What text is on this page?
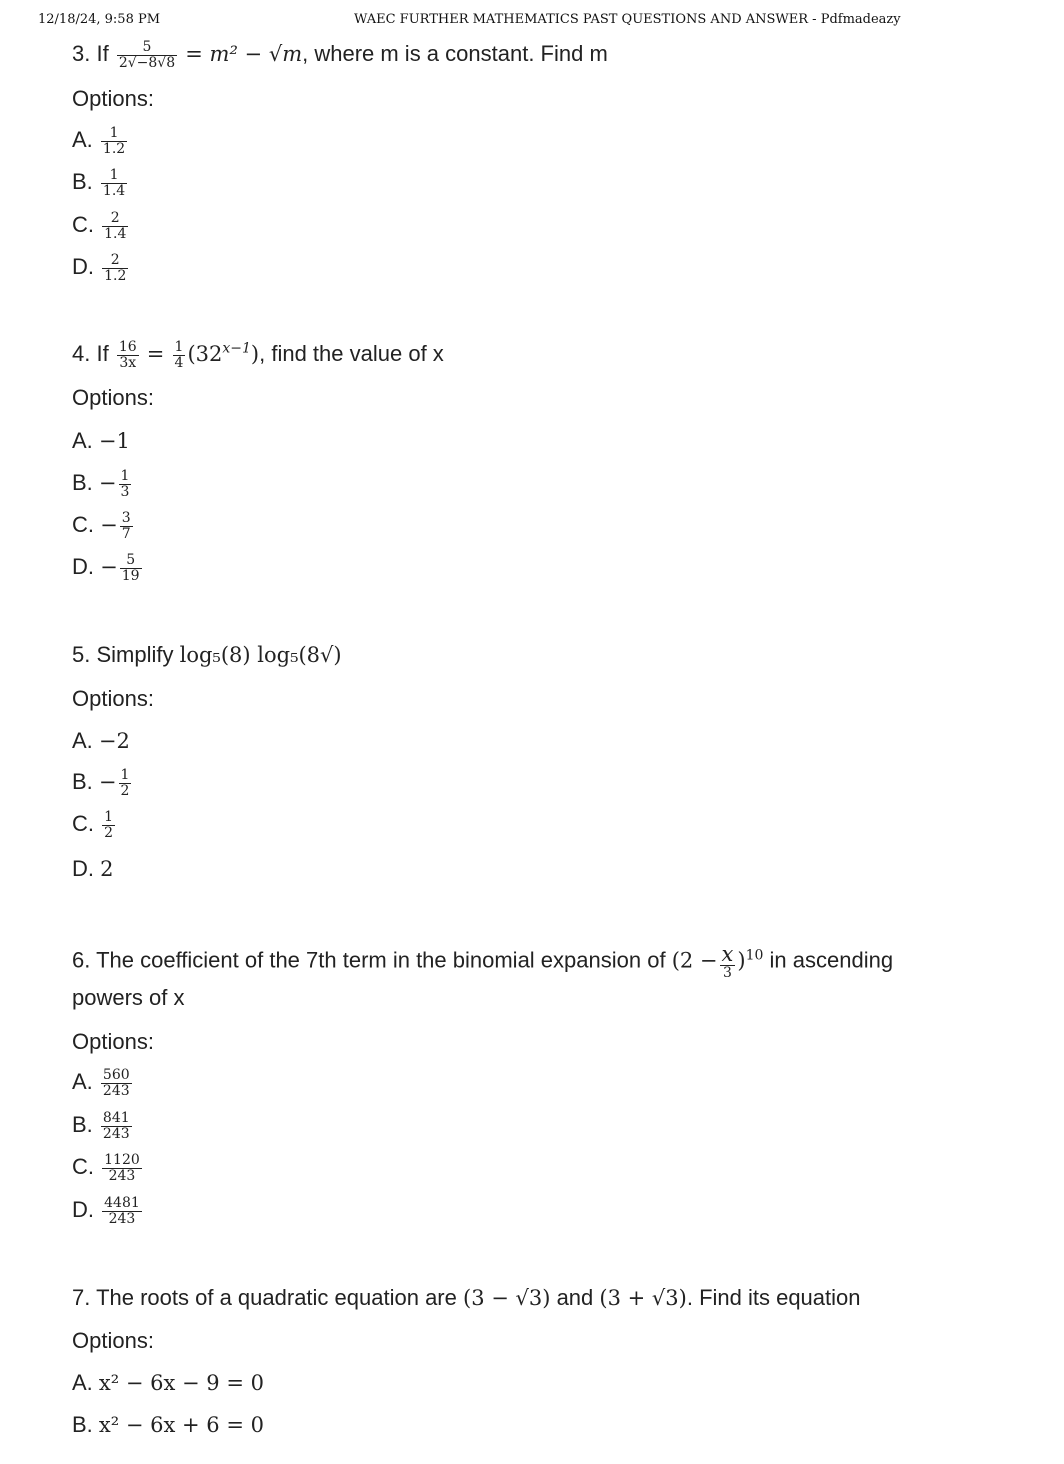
12/18/24, 9:58 PM	WAEC FURTHER MATHEMATICS PAST QUESTIONS AND ANSWER - Pdfmadeazy
3. If $\frac{5}{2√-8√8} = m^2 - √m$, where m is a constant. Find m
Options:
A. $\frac{1}{1.2}$
B. $\frac{1}{1.4}$
C. $\frac{2}{1.4}$
D. $\frac{2}{1.2}$
4. If $\frac{16}{3x} = \frac{1}{4} (32^{x-1})$, find the value of x
Options:
A. −1
B. − $\frac{1}{3}$
C. − $\frac{3}{7}$
D. − $\frac{5}{19}$
5. Simplify log₅(8) log₅(8√)
Options:
A. −2
B. − $\frac{1}{2}$
C. $\frac{1}{2}$
D. 2
6. The coefficient of the 7th term in the binomial expansion of $(2 - \frac{x}{3} )^{10}$ in ascending
powers of x
Options:
A. $\frac{560}{243}$
B. $\frac{841}{243}$
C. $\frac{1120}{243}$
D. $\frac{4481}{243}$
7. The roots of a quadratic equation are (3 − √3) and (3 + √3). Find its equation
Options:
A. x² − 6x − 9 = 0
B. x² − 6x + 6 = 0
